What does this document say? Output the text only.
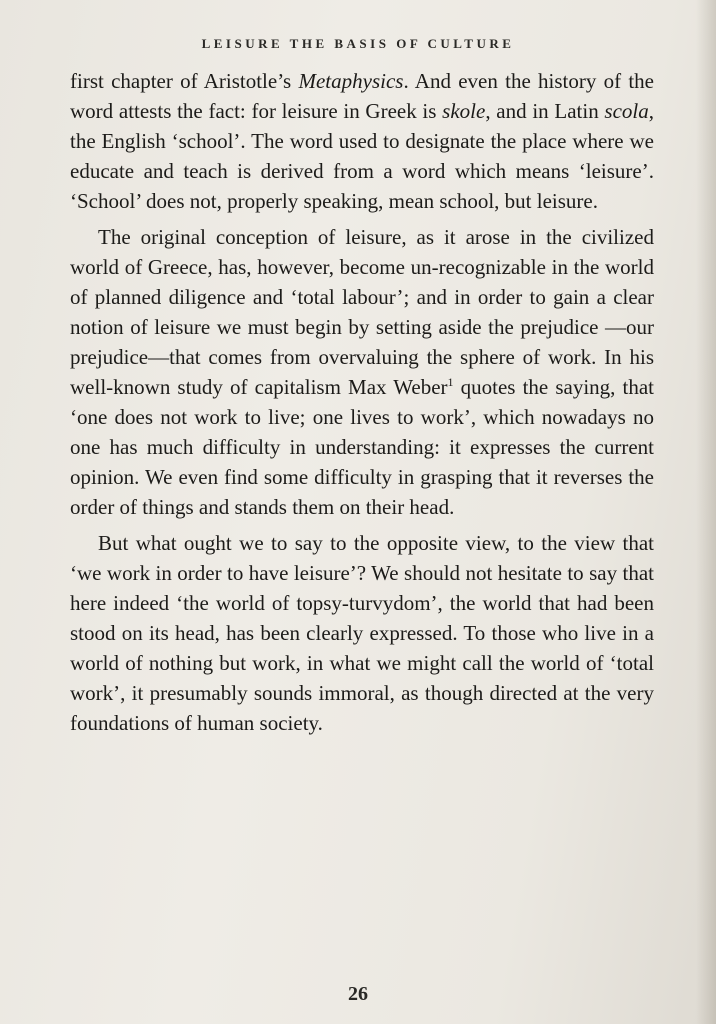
LEISURE THE BASIS OF CULTURE

first chapter of Aristotle’s Metaphysics. And even the history of the word attests the fact: for leisure in Greek is skole, and in Latin scola, the English ‘school’. The word used to designate the place where we educate and teach is derived from a word which means ‘leisure’. ‘School’ does not, properly speaking, mean school, but leisure.

The original conception of leisure, as it arose in the civilized world of Greece, has, however, become un-recognizable in the world of planned diligence and ‘total labour’; and in order to gain a clear notion of leisure we must begin by setting aside the prejudice —our prejudice—that comes from overvaluing the sphere of work. In his well-known study of capitalism Max Weber$^1$ quotes the saying, that ‘one does not work to live; one lives to work’, which nowadays no one has much difficulty in understanding: it expresses the current opinion. We even find some difficulty in grasping that it reverses the order of things and stands them on their head.

But what ought we to say to the opposite view, to the view that ‘we work in order to have leisure’? We should not hesitate to say that here indeed ‘the world of topsy-turvydom’, the world that had been stood on its head, has been clearly expressed. To those who live in a world of nothing but work, in what we might call the world of ‘total work’, it presumably sounds immoral, as though directed at the very foundations of human society.

26
